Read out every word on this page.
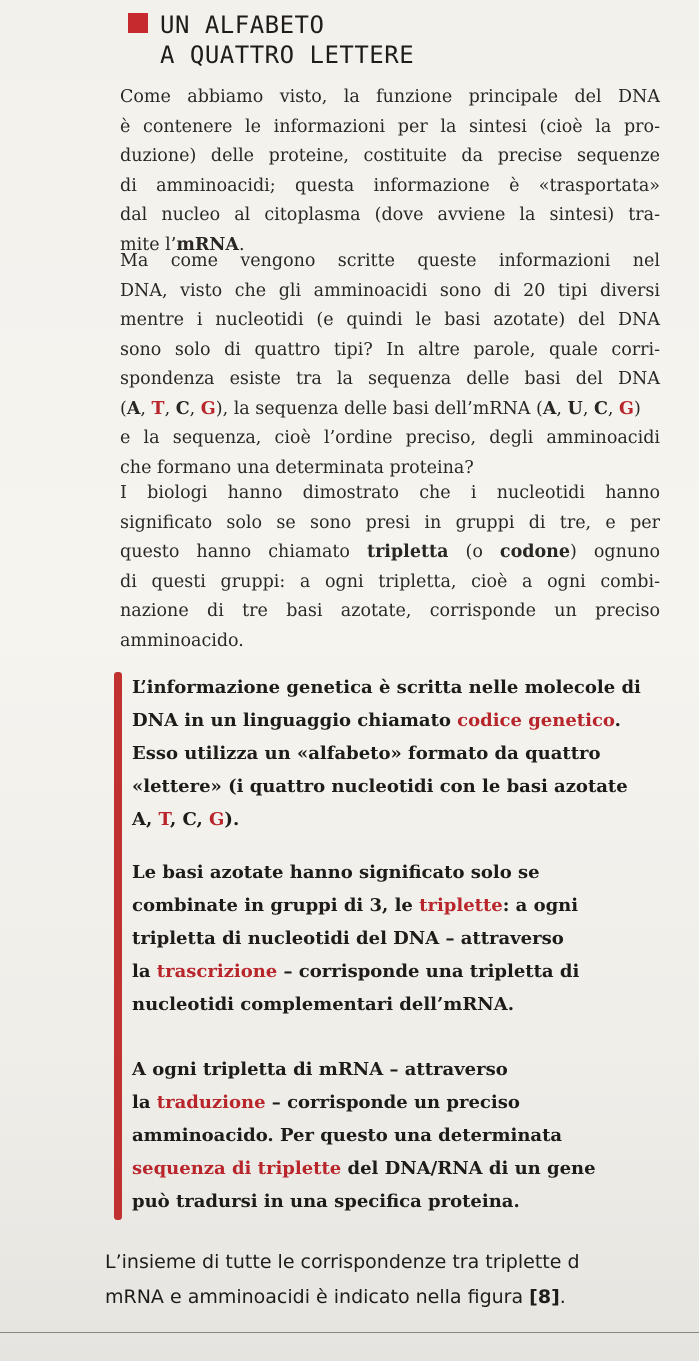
UN ALFABETO
A QUATTRO LETTERE
Come abbiamo visto, la funzione principale del DNA
è contenere le informazioni per la sintesi (cioè la pro-
duzione) delle proteine, costituite da precise sequenze
di amminoacidi; questa informazione è «trasportata»
dal nucleo al citoplasma (dove avviene la sintesi) tra-
mite l’mRNA.
Ma come vengono scritte queste informazioni nel
DNA, visto che gli amminoacidi sono di 20 tipi diversi
mentre i nucleotidi (e quindi le basi azotate) del DNA
sono solo di quattro tipi? In altre parole, quale corri-
spondenza esiste tra la sequenza delle basi del DNA
(A, T, C, G), la sequenza delle basi dell’mRNA (A, U, C, G)
e la sequenza, cioè l’ordine preciso, degli amminoacidi
che formano una determinata proteina?
I biologi hanno dimostrato che i nucleotidi hanno
significato solo se sono presi in gruppi di tre, e per
questo hanno chiamato tripletta (o codone) ognuno
di questi gruppi: a ogni tripletta, cioè a ogni combi-
nazione di tre basi azotate, corrisponde un preciso
amminoacido.
L’informazione genetica è scritta nelle molecole di
DNA in un linguaggio chiamato codice genetico.
Esso utilizza un «alfabeto» formato da quattro
«lettere» (i quattro nucleotidi con le basi azotate
A, T, C, G).
Le basi azotate hanno significato solo se
combinate in gruppi di 3, le triplette: a ogni
tripletta di nucleotidi del DNA – attraverso
la trascrizione – corrisponde una tripletta di
nucleotidi complementari dell’mRNA.
A ogni tripletta di mRNA – attraverso
la traduzione – corrisponde un preciso
amminoacido. Per questo una determinata
sequenza di triplette del DNA/RNA di un gene
può tradursi in una specifica proteina.
L’insieme di tutte le corrispondenze tra triplette d
mRNA e amminoacidi è indicato nella figura [8].
